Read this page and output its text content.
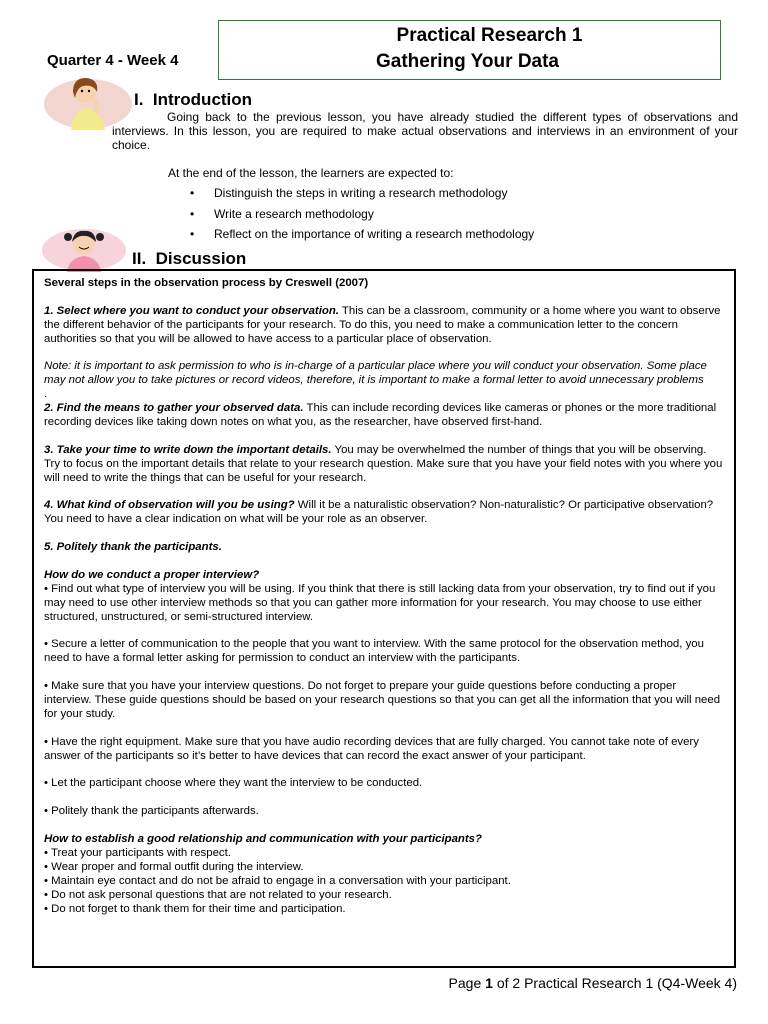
Quarter 4 - Week 4
Practical Research 1
Gathering Your Data
I. Introduction

Going back to the previous lesson, you have already studied the different types of observations and interviews. In this lesson, you are required to make actual observations and interviews in an environment of your choice.

At the end of the lesson, the learners are expected to:

• Distinguish the steps in writing a research methodology
• Write a research methodology
• Reflect on the importance of writing a research methodology
II. Discussion

Several steps in the observation process by Creswell (2007)

1. Select where you want to conduct your observation. This can be a classroom, community or a home where you want to observe the different behavior of the participants for your research. To do this, you need to make a communication letter to the concern authorities so that you will be allowed to have access to a particular place of observation.

Note: it is important to ask permission to who is in-charge of a particular place where you will conduct your observation. Some place may not allow you to take pictures or record videos, therefore, it is important to make a formal letter to avoid unnecessary problems

.

2. Find the means to gather your observed data. This can include recording devices like cameras or phones or the more traditional recording devices like taking down notes on what you, as the researcher, have observed first-hand.

3. Take your time to write down the important details. You may be overwhelmed the number of things that you will be observing. Try to focus on the important details that relate to your research question. Make sure that you have your field notes with you where you will need to write the things that can be useful for your research.

4. What kind of observation will you be using? Will it be a naturalistic observation? Non-naturalistic? Or participative observation? You need to have a clear indication on what will be your role as an observer.

5. Politely thank the participants.

How do we conduct a proper interview?

• Find out what type of interview you will be using. If you think that there is still lacking data from your observation, try to find out if you may need to use other interview methods so that you can gather more information for your research. You may choose to use either structured, unstructured, or semi-structured interview.

• Secure a letter of communication to the people that you want to interview. With the same protocol for the observation method, you need to have a formal letter asking for permission to conduct an interview with the participants.

• Make sure that you have your interview questions. Do not forget to prepare your guide questions before conducting a proper interview. These guide questions should be based on your research questions so that you can get all the information that you will need for your study.

• Have the right equipment. Make sure that you have audio recording devices that are fully charged. You cannot take note of every answer of the participants so it’s better to have devices that can record the exact answer of your participant.

• Let the participant choose where they want the interview to be conducted.

• Politely thank the participants afterwards.

How to establish a good relationship and communication with your participants?

• Treat your participants with respect.

• Wear proper and formal outfit during the interview.

• Maintain eye contact and do not be afraid to engage in a conversation with your participant.

• Do not ask personal questions that are not related to your research.

• Do not forget to thank them for their time and participation.

Page 1 of 2 Practical Research 1 (Q4-Week 4)
